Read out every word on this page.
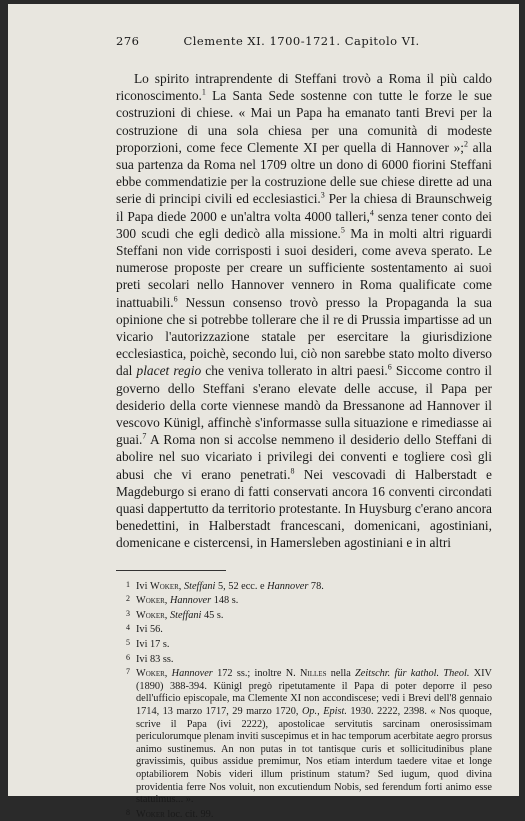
276	Clemente XI. 1700-1721. Capitolo VI.

Lo spirito intraprendente di Steffani trovò a Roma il più caldo riconoscimento.$^1$ La Santa Sede sostenne con tutte le forze le sue costruzioni di chiese. « Mai un Papa ha emanato tanti Brevi per la costruzione di una sola chiesa per una comunità di modeste proporzioni, come fece Clemente XI per quella di Hannover »;$^2$ alla sua partenza da Roma nel 1709 oltre un dono di 6000 fiorini Steffani ebbe commendatizie per la costruzione delle sue chiese dirette ad una serie di principi civili ed ecclesiastici.$^3$ Per la chiesa di Braunschweig il Papa diede 2000 e un'altra volta 4000 talleri,$^4$ senza tener conto dei 300 scudi che egli dedicò alla missione.$^5$ Ma in molti altri riguardi Steffani non vide corrisposti i suoi desideri, come aveva sperato. Le numerose proposte per creare un sufficiente sostentamento ai suoi preti secolari nello Hannover vennero in Roma qualificate come inattuabili.$^6$ Nessun consenso trovò presso la Propaganda la sua opinione che si potrebbe tollerare che il re di Prussia impartisse ad un vicario l'autorizzazione statale per esercitare la giurisdizione ecclesiastica, poichè, secondo lui, ciò non sarebbe stato molto diverso dal placet regio che veniva tollerato in altri paesi.$^6$ Siccome contro il governo dello Steffani s'erano elevate delle accuse, il Papa per desiderio della corte viennese mandò da Bressanone ad Hannover il vescovo Künigl, affinchè s'informasse sulla situazione e rimediasse ai guai.$^7$ A Roma non si accolse nemmeno il desiderio dello Steffani di abolire nel suo vicariato i privilegi dei conventi e togliere così gli abusi che vi erano penetrati.$^8$ Nei vescovadi di Halberstadt e Magdeburgo si erano di fatti conservati ancora 16 conventi circondati quasi dappertutto da territorio protestante. In Huysburg c'erano ancora benedettini, in Halberstadt francescani, domenicani, agostiniani, domenicane e cistercensi, in Hamersleben agostiniani e in altri

1 Ivi Woker, Steffani 5, 52 ecc. e Hannover 78.

2 Woker, Hannover 148 s.

3 Woker, Steffani 45 s.

4 Ivi 56.

5 Ivi 17 s.

6 Ivi 83 ss.

7 Woker, Hannover 172 ss.; inoltre N. Nilles nella Zeitschr. für kathol. Theol. XIV (1890) 388-394. Künigl pregò ripetutamente il Papa di poter deporre il peso dell'ufficio episcopale, ma Clemente XI non accondiscese; vedi i Brevi dell'8 gennaio 1714, 13 marzo 1717, 29 marzo 1720, Op., Epist. 1930. 2222, 2398. « Nos quoque, scrive il Papa (ivi 2222), apostolicae servitutis sarcinam onerosissimam periculorumque plenam inviti suscepimus et in hac temporum acerbitate aegro prorsus animo sustinemus. An non putas in tot tantisque curis et sollicitudinibus plane gravissimis, quibus assidue premimur, Nos etiam interdum taedere vitae et longe optabiliorem Nobis videri illum pristinum statum? Sed iugum, quod divina providentia ferre Nos voluit, non excutiendum Nobis, sed ferendum forti animo esse statuimus... ».

8 Woker loc. cit. 99.
